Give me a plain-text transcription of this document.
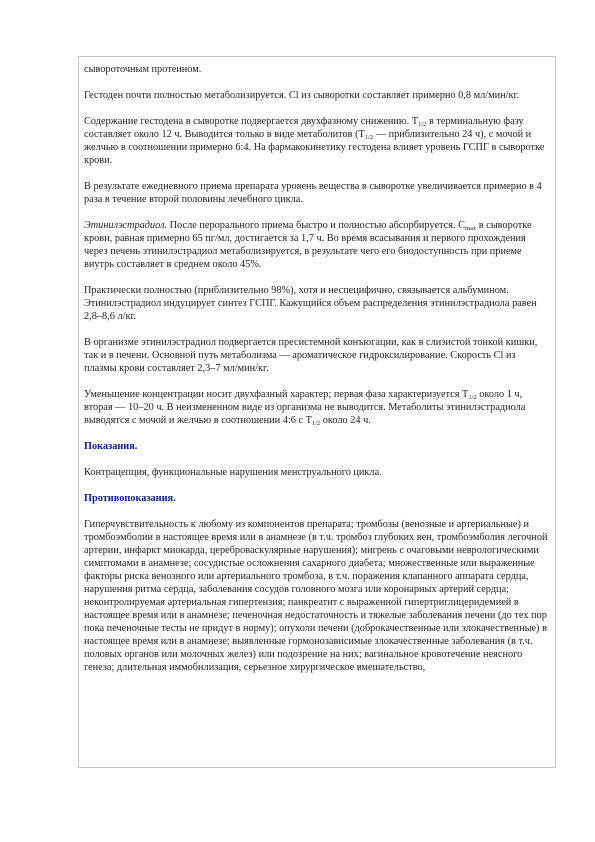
сывороточным протеином.

Гестоден почти полностью метаболизируется. Cl из сыворотки составляет примерно 0,8 мл/мин/кг.

Содержание гестодена в сыворотке подвергается двухфазному снижению. $T_{1/2}$ в терминальную фазу составляет около 12 ч. Выводится только в виде метаболитов ($T_{1/2}$ — приблизительно 24 ч), с мочой и желчью в соотношении примерно 6:4. На фармакокинетику гестодена влияет уровень ГСПГ в сыворотке крови.

В результате ежедневного приема препарата уровень вещества в сыворотке увеличивается примерно в 4 раза в течение второй половины лечебного цикла.

Этинилэстрадиол. После перорального приема быстро и полностью абсорбируется. $C_{max}$ в сыворотке крови, равная примерно 65 пг/мл, достигается за 1,7 ч. Во время всасывания и первого прохождения через печень этинилэстрадиол метаболизируется, в результате чего его биодоступность при приеме внутрь составляет в среднем около 45%.

Практически полностью (приблизительно 98%), хотя и неспецифично, связывается альбумином. Этинилэстрадиол индуцирует синтез ГСПГ. Кажущийся объем распределения этинилэстрадиола равен 2,8–8,6 л/кг.

В организме этинилэстрадиол подвергается пресистемной конъюгации, как в слизистой тонкой кишки, так и в печени. Основной путь метаболизма — ароматическое гидроксилирование. Скорость Cl из плазмы крови составляет 2,3–7 мл/мин/кг.

Уменьшение концентрации носит двухфазный характер; первая фаза характеризуется $T_{1/2}$ около 1 ч, вторая — 10–20 ч. В неизмененном виде из организма не выводится. Метаболиты этинилэстрадиола выводятся с мочой и желчью в соотношении 4:6 с $T_{1/2}$ около 24 ч.

Показания.

Контрацепция, функциональные нарушения менструального цикла.

Противопоказания.

Гиперчувствительность к любому из компонентов препарата; тромбозы (венозные и артериальные) и тромбоэмболии в настоящее время или в анамнезе (в т.ч. тромбоз глубоких вен, тромбоэмболия легочной артерии, инфаркт миокарда, цереброваскулярные нарушения); мигрень с очаговыми неврологическими симптомами в анамнезе; сосудистые осложнения сахарного диабета; множественные или выраженные факторы риска венозного или артериального тромбоза, в т.ч. поражения клапанного аппарата сердца, нарушения ритма сердца, заболевания сосудов головного мозга или коронарных артерий сердца; неконтролируемая артериальная гипертензия; панкреатит с выраженной гипертриглицеридемией в настоящее время или в анамнезе; печеночная недостаточность и тяжелые заболевания печени (до тех пор пока печеночные тесты не придут в норму); опухоли печени (доброкачественные или злокачественные) в настоящее время или в анамнезе; выявленные гормонозависимые злокачественные заболевания (в т.ч. половых органов или молочных желез) или подозрение на них; вагинальное кровотечение неясного генеза; длительная иммобилизация, серьезное хирургическое вмешательство,
